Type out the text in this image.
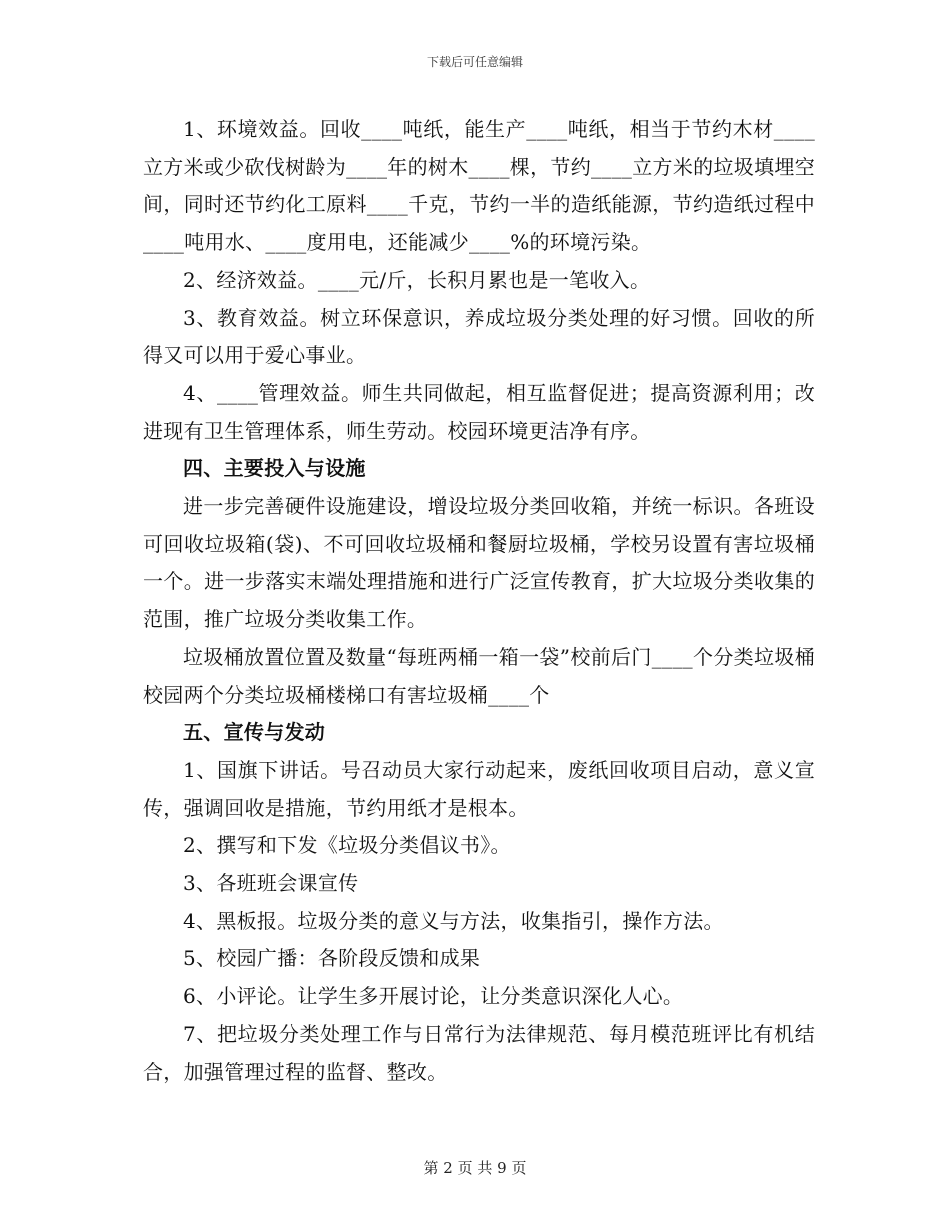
下载后可任意编辑

1、环境效益。回收____吨纸，能生产____吨纸，相当于节约木材____立方米或少砍伐树龄为____年的树木____棵，节约____立方米的垃圾填埋空间，同时还节约化工原料____千克，节约一半的造纸能源，节约造纸过程中____吨用水、____度用电，还能减少____%的环境污染。

2、经济效益。____元/斤，长积月累也是一笔收入。

3、教育效益。树立环保意识，养成垃圾分类处理的好习惯。回收的所得又可以用于爱心事业。

4、____管理效益。师生共同做起，相互监督促进；提高资源利用；改进现有卫生管理体系，师生劳动。校园环境更洁净有序。

四、主要投入与设施

进一步完善硬件设施建设，增设垃圾分类回收箱，并统一标识。各班设可回收垃圾箱(袋)、不可回收垃圾桶和餐厨垃圾桶，学校另设置有害垃圾桶一个。进一步落实末端处理措施和进行广泛宣传教育，扩大垃圾分类收集的范围，推广垃圾分类收集工作。

垃圾桶放置位置及数量“每班两桶一箱一袋”校前后门____个分类垃圾桶校园两个分类垃圾桶楼梯口有害垃圾桶____个

五、宣传与发动

1、国旗下讲话。号召动员大家行动起来，废纸回收项目启动，意义宣传，强调回收是措施，节约用纸才是根本。

2、撰写和下发《垃圾分类倡议书》。

3、各班班会课宣传

4、黑板报。垃圾分类的意义与方法，收集指引，操作方法。

5、校园广播：各阶段反馈和成果

6、小评论。让学生多开展讨论，让分类意识深化人心。

7、把垃圾分类处理工作与日常行为法律规范、每月模范班评比有机结合，加强管理过程的监督、整改。

第 2 页 共 9 页
